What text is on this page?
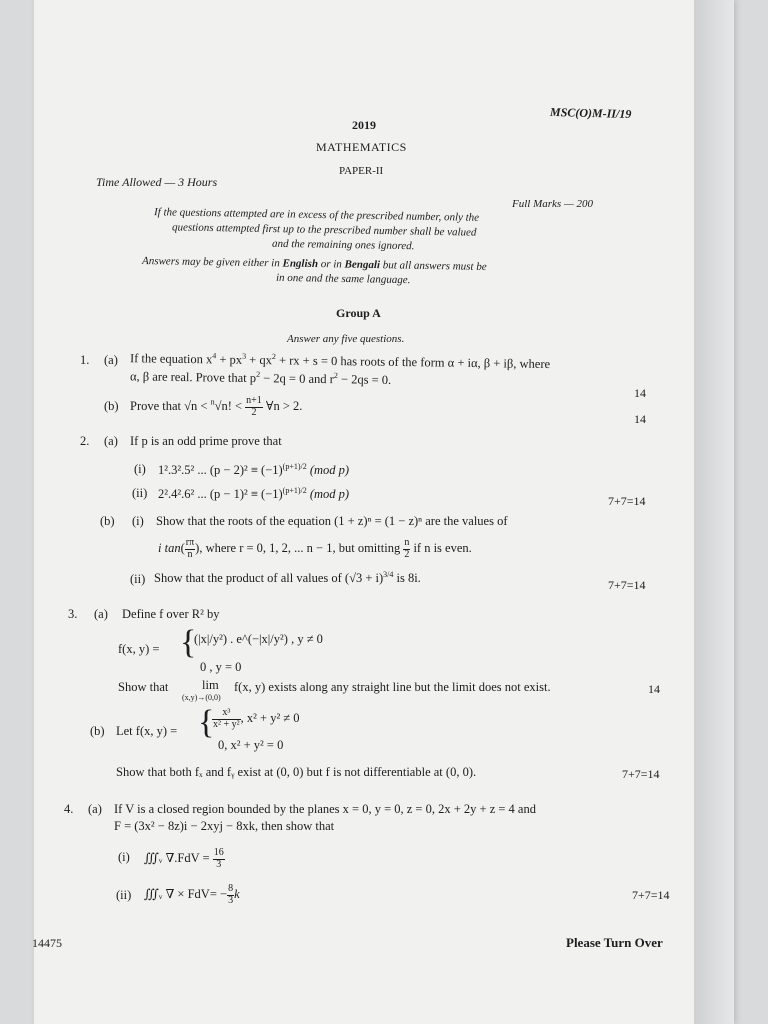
MSC(O)M-II/19
2019
MATHEMATICS
PAPER-II
Time Allowed — 3 Hours
Full Marks — 200
If the questions attempted are in excess of the prescribed number, only the
questions attempted first up to the prescribed number shall be valued
and the remaining ones ignored.
Answers may be given either in English or in Bengali but all answers must be
in one and the same language.
Group A
Answer any five questions.
1. (a) If the equation $x^4 + px^3 + qx^2$ + rx + s = 0 has roots of the form α + iα, β + iβ, where
α, β are real. Prove that $p^2 - 2q = 0$ and $r^2 - 2qs = 0$.
14
(b) Prove that √n < $^n$√n! < $\frac{n+1}{2}$ ∀n > 2.
14
2. (a) If p is an odd prime prove that
(i) 1².3².5² ... $(p - 2)^2 \equiv (-1)^{(p+1)/2}$ (mod p)
(ii) 2².4².6² ... $(p - 1)^2 \equiv (-1)^{(p+1)/2}$ (mod p)	7+7=14
(b) (i) Show that the roots of the equation (1 + z)ⁿ = (1 − z)ⁿ are the values of
i $\tan( \frac{r\pi}{n}$ ), where r = 0, 1, 2, ... n − 1, but omitting $\frac{n}{2}$ if n is even.
(ii) Show that the product of all values of $(√3 + i)^{3/4}$ is 8i.	7+7=14
3. (a) Define f over R² by
f(x, y) = {
(|x|/y²) . e^(−|x|/y²) , y ≠ 0
0 , y = 0
Show that	lim
(x,y)→(0,0)
f(x, y) exists along any straight line but the limit does not exist.	14
(b) Let f(x, y) = {
$\frac{\text{x³}}{\text{x² + y²}}$ , x² + y² ≠ 0
0, x² + y² = 0
Show that both fₓ and fᵧ exist at (0, 0) but f is not differentiable at (0, 0).	7+7=14
4. (a) If V is a closed region bounded by the planes x = 0, y = 0, z = 0, 2x + 2y + z = 4 and
F = (3x² − 8z)i − 2xyj − 8xk, then show that
(i) ∭ᵥ $\nabla.FdV = \frac{16}{3}$
(ii) ∭ᵥ ∇ × $FdV= - \frac{8}{3}$ k	7+7=14
14475	Please Turn Over
